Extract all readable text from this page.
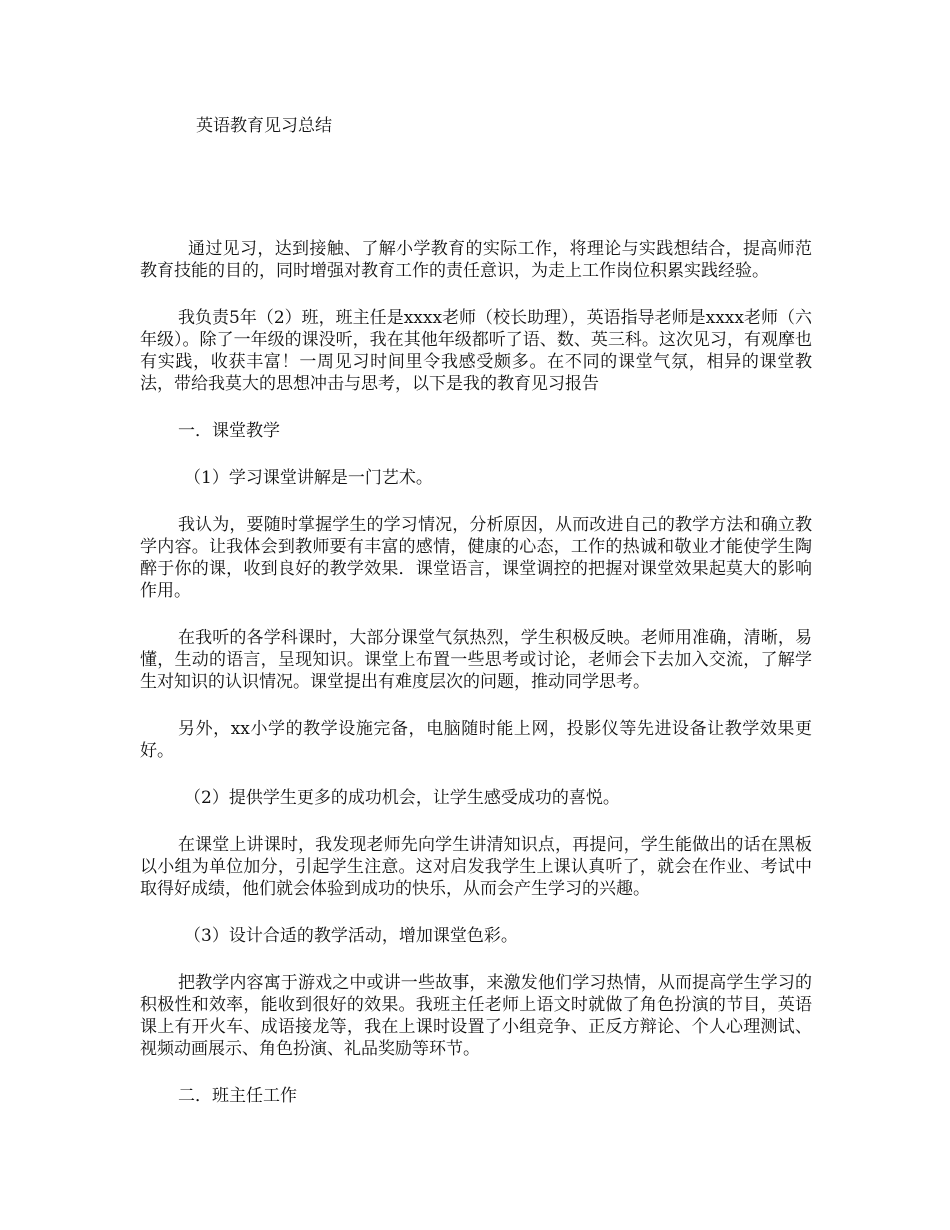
英语教育见习总结

通过见习，达到接触、了解小学教育的实际工作，将理论与实践想结合，提高师范教育技能的目的，同时增强对教育工作的责任意识，为走上工作岗位积累实践经验。

我负责5年（2）班，班主任是xxxx老师（校长助理），英语指导老师是xxxx老师（六年级）。除了一年级的课没听，我在其他年级都听了语、数、英三科。这次见习，有观摩也有实践，收获丰富！一周见习时间里令我感受颇多。在不同的课堂气氛，相异的课堂教法，带给我莫大的思想冲击与思考，以下是我的教育见习报告

一．课堂教学
（1）学习课堂讲解是一门艺术。

我认为，要随时掌握学生的学习情况，分析原因，从而改进自己的教学方法和确立教学内容。让我体会到教师要有丰富的感情，健康的心态，工作的热诚和敬业才能使学生陶醉于你的课，收到良好的教学效果．课堂语言，课堂调控的把握对课堂效果起莫大的影响作用。

在我听的各学科课时，大部分课堂气氛热烈，学生积极反映。老师用准确，清晰，易懂，生动的语言，呈现知识。课堂上布置一些思考或讨论，老师会下去加入交流，了解学生对知识的认识情况。课堂提出有难度层次的问题，推动同学思考。

另外，xx小学的教学设施完备，电脑随时能上网，投影仪等先进设备让教学效果更好。

（2）提供学生更多的成功机会，让学生感受成功的喜悦。

在课堂上讲课时，我发现老师先向学生讲清知识点，再提问，学生能做出的话在黑板以小组为单位加分，引起学生注意。这对启发我学生上课认真听了，就会在作业、考试中取得好成绩，他们就会体验到成功的快乐，从而会产生学习的兴趣。

（3）设计合适的教学活动，增加课堂色彩。

把教学内容寓于游戏之中或讲一些故事，来激发他们学习热情，从而提高学生学习的积极性和效率，能收到很好的效果。我班主任老师上语文时就做了角色扮演的节目，英语课上有开火车、成语接龙等，我在上课时设置了小组竞争、正反方辩论、个人心理测试、视频动画展示、角色扮演、礼品奖励等环节。

二．班主任工作
